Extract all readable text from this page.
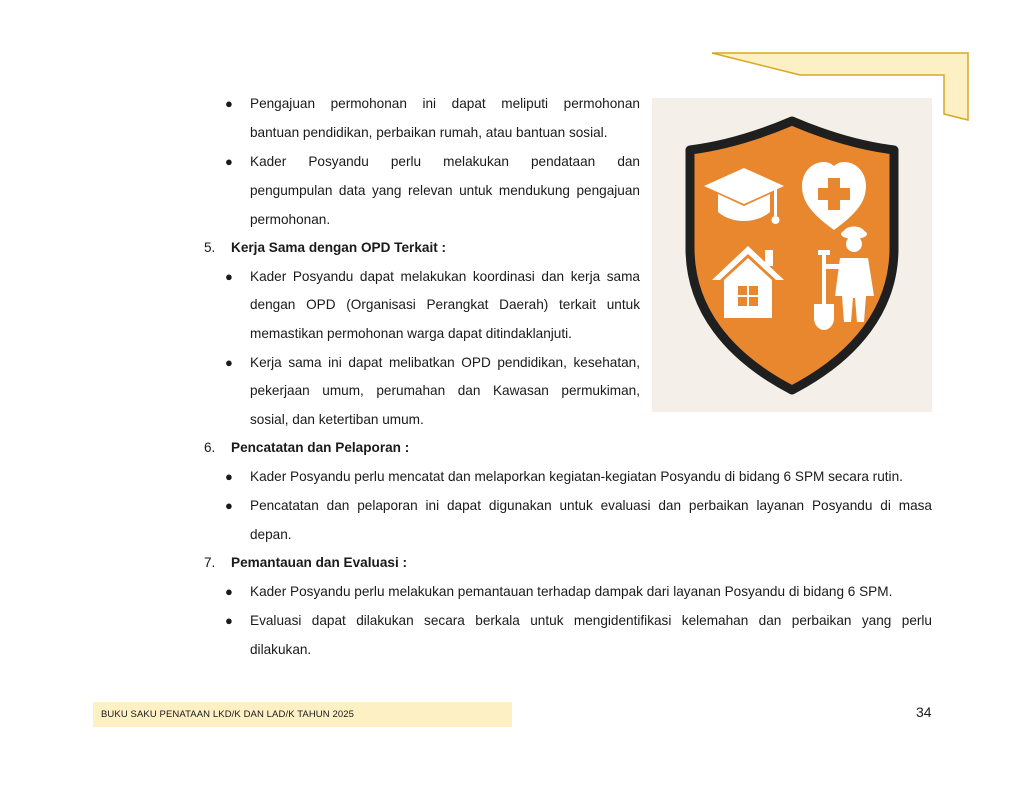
● Pengajuan permohonan ini dapat meliputi permohonan

bantuan pendidikan, perbaikan rumah, atau bantuan sosial.

● Kader Posyandu perlu melakukan pendataan dan

pengumpulan data yang relevan untuk mendukung pengajuan

permohonan.

5. Kerja Sama dengan OPD Terkait :
● Kader Posyandu dapat melakukan koordinasi dan kerja sama

dengan OPD (Organisasi Perangkat Daerah) terkait untuk

memastikan permohonan warga dapat ditindaklanjuti.

● Kerja sama ini dapat melibatkan OPD pendidikan, kesehatan,

pekerjaan umum, perumahan dan Kawasan permukiman,

sosial, dan ketertiban umum.

6. Pencatatan dan Pelaporan :
● Kader Posyandu perlu mencatat dan melaporkan kegiatan-kegiatan Posyandu di bidang 6 SPM secara rutin.

● Pencatatan dan pelaporan ini dapat digunakan untuk evaluasi dan perbaikan layanan Posyandu di masa

depan.

7. Pemantauan dan Evaluasi :
● Kader Posyandu perlu melakukan pemantauan terhadap dampak dari layanan Posyandu di bidang 6 SPM.

● Evaluasi dapat dilakukan secara berkala untuk mengidentifikasi kelemahan dan perbaikan yang perlu

dilakukan.

BUKU SAKU PENATAAN LKD/K DAN LAD/K TAHUN 2025	34
